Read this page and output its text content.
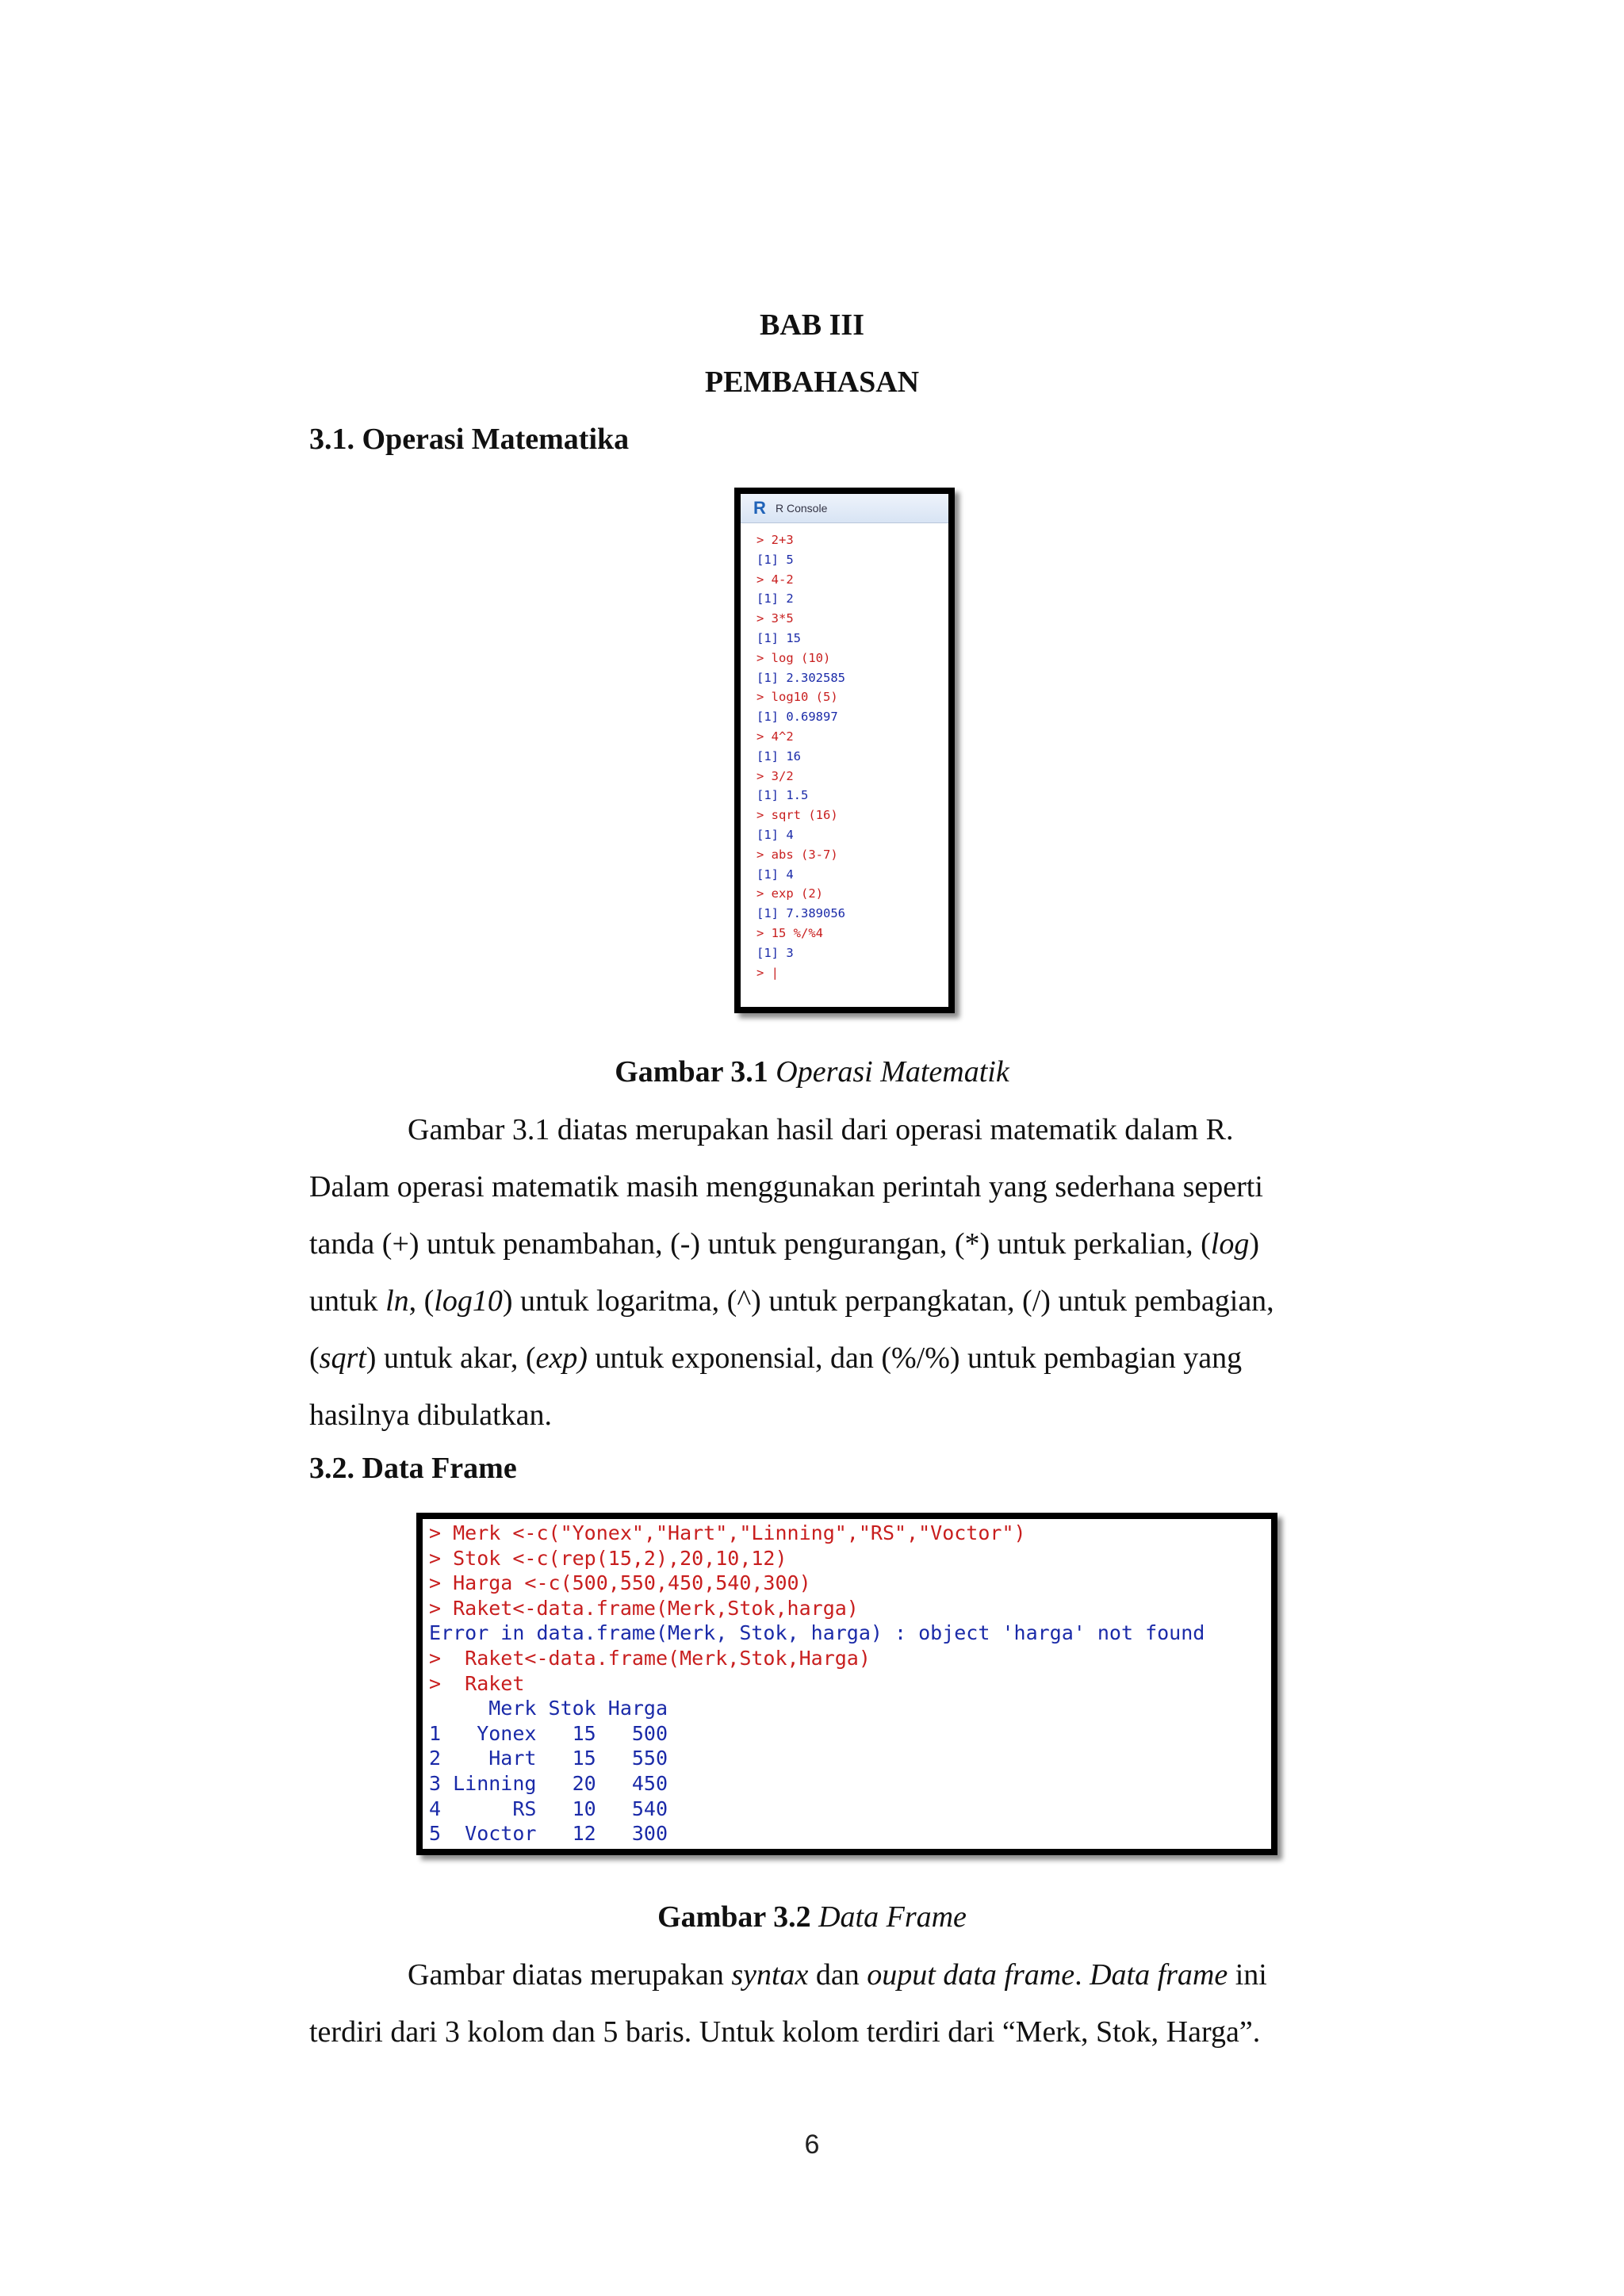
BAB III
PEMBAHASAN
3.1. Operasi Matematika
R R Console
> 2+3
[1] 5
> 4-2
[1] 2
> 3*5
[1] 15
> log (10)
[1] 2.302585
> log10 (5)
[1] 0.69897
> 4^2
[1] 16
> 3/2
[1] 1.5
> sqrt (16)
[1] 4
> abs (3-7)
[1] 4
> exp (2)
[1] 7.389056
> 15 %/%4
[1] 3
> |
Gambar 3.1 Operasi Matematik
Gambar 3.1 diatas merupakan hasil dari operasi matematik dalam R.
Dalam operasi matematik masih menggunakan perintah yang sederhana seperti
tanda (+) untuk penambahan, (-) untuk pengurangan, (*) untuk perkalian, (log)
untuk ln, (log10) untuk logaritma, (^) untuk perpangkatan, (/) untuk pembagian,
(sqrt) untuk akar, (exp) untuk exponensial, dan (%/%) untuk pembagian yang
hasilnya dibulatkan.
3.2. Data Frame
> Merk <-c("Yonex","Hart","Linning","RS","Voctor")
> Stok <-c(rep(15,2),20,10,12)
> Harga <-c(500,550,450,540,300)
> Raket<-data.frame(Merk,Stok,harga)
Error in data.frame(Merk, Stok, harga) : object 'harga' not found
>  Raket<-data.frame(Merk,Stok,Harga)
>  Raket
Merk Stok Harga
1   Yonex   15   500
2    Hart   15   550
3 Linning   20   450
4      RS   10   540
5  Voctor   12   300
Gambar 3.2 Data Frame
Gambar diatas merupakan syntax dan ouput data frame. Data frame ini
terdiri dari 3 kolom dan 5 baris. Untuk kolom terdiri dari “Merk, Stok, Harga”.
6
